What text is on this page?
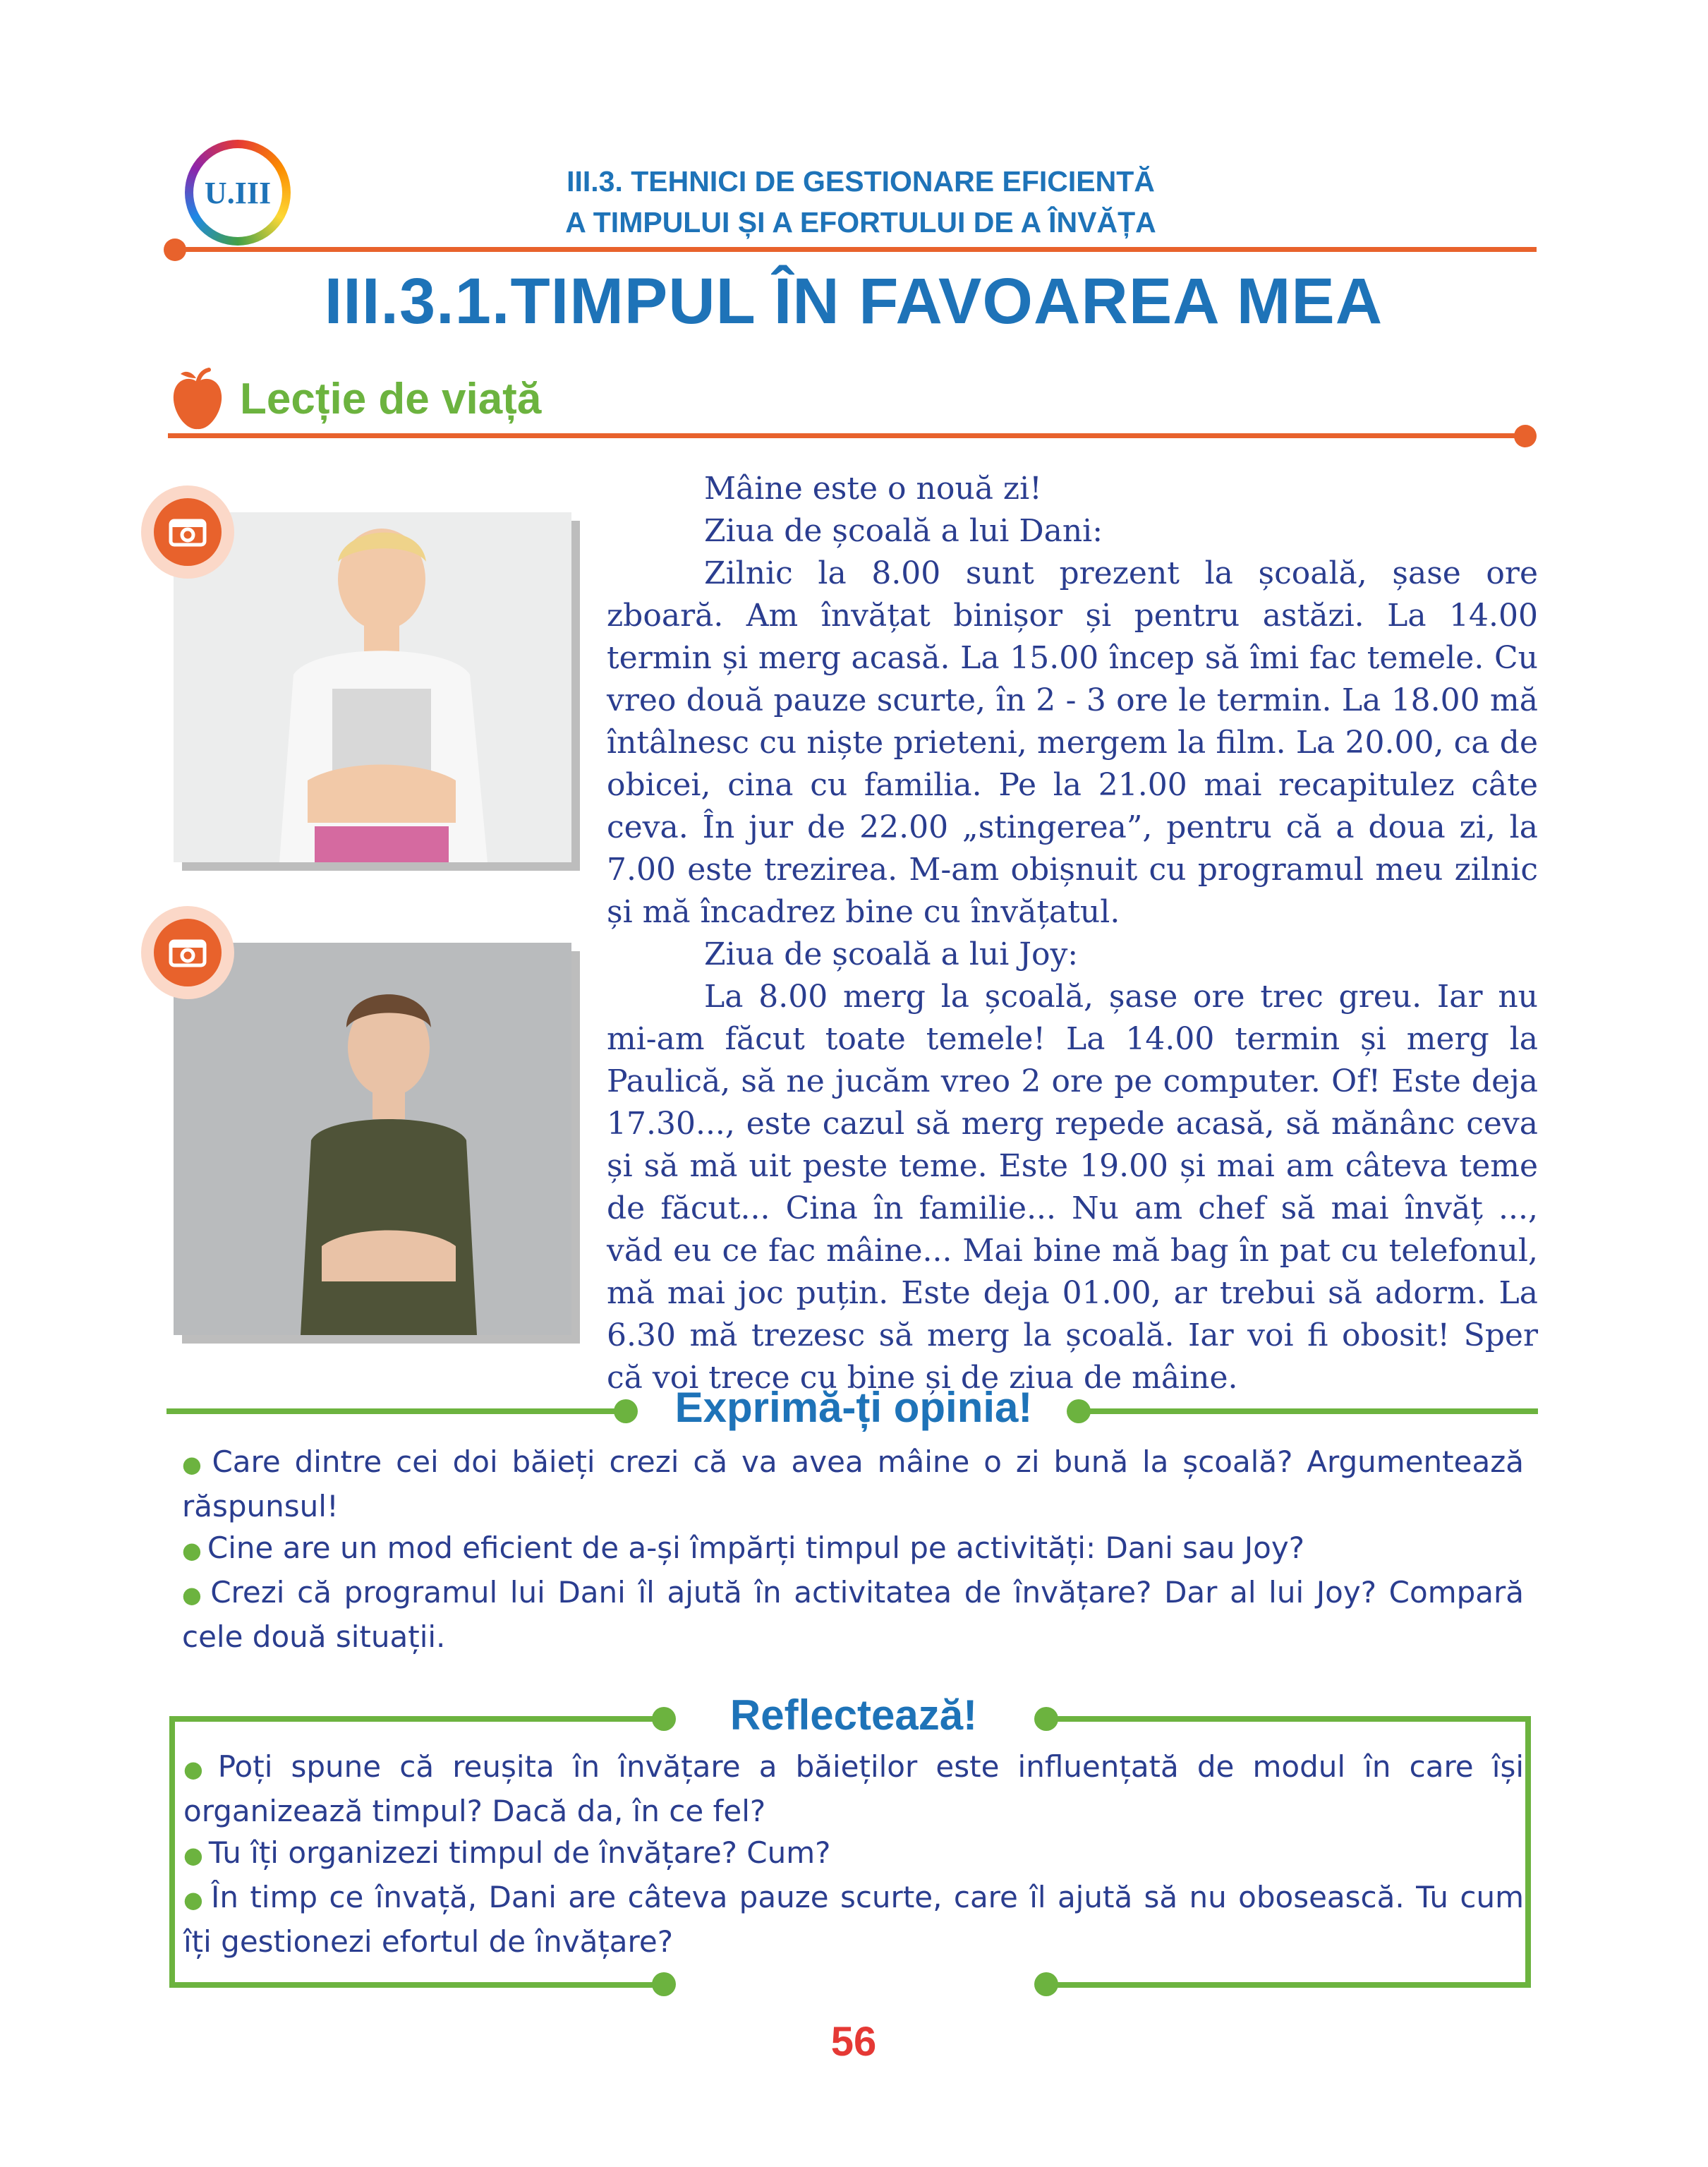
U.III	III.3. TEHNICI DE GESTIONARE EFICIENTĂ
A TIMPULUI ȘI A EFORTULUI DE A ÎNVĂȚA
III.3.1.TIMPUL ÎN FAVOAREA MEA
Lecție de viață

Mâine este o nouă zi!

Ziua de școală a lui Dani:

Zilnic la 8.00 sunt prezent la școală, șase ore zboară. Am învățat binișor și pentru astăzi. La 14.00 termin și merg acasă. La 15.00 încep să îmi fac temele. Cu vreo două pauze scurte, în 2 - 3 ore le termin. La 18.00 mă întâlnesc cu niște prieteni, mergem la film. La 20.00, ca de obicei, cina cu familia. Pe la 21.00 mai recapitulez câte ceva. În jur de 22.00 „stingerea”, pentru că a doua zi, la 7.00 este trezirea. M-am obișnuit cu programul meu zilnic și mă încadrez bine cu învățatul.

Ziua de școală a lui Joy:

La 8.00 merg la școală, șase ore trec greu. Iar nu mi-am făcut toate temele! La 14.00 termin și merg la Paulică, să ne jucăm vreo 2 ore pe computer. Of! Este deja 17.30..., este cazul să merg repede acasă, să mănânc ceva și să mă uit peste teme. Este 19.00 și mai am câteva teme de făcut... Cina în familie... Nu am chef să mai învăț ..., văd eu ce fac mâine... Mai bine mă bag în pat cu telefonul, mă mai joc puțin. Este deja 01.00, ar trebui să adorm. La 6.30 mă trezesc să merg la școală. Iar voi fi obosit! Sper că voi trece cu bine și de ziua de mâine.

Exprimă-ți opinia!
● Care dintre cei doi băieți crezi că va avea mâine o zi bună la școală? Argumentează răspunsul!
● Cine are un mod eficient de a-și împărți timpul pe activități: Dani sau Joy?
● Crezi că programul lui Dani îl ajută în activitatea de învățare? Dar al lui Joy? Compară cele două situații.
Reflectează!
● Poți spune că reușita în învățare a băieților este influențată de modul în care își organizează timpul? Dacă da, în ce fel?
● Tu îți organizezi timpul de învățare? Cum?
● În timp ce învață, Dani are câteva pauze scurte, care îl ajută să nu obosească. Tu cum îți gestionezi efortul de învățare?
56
